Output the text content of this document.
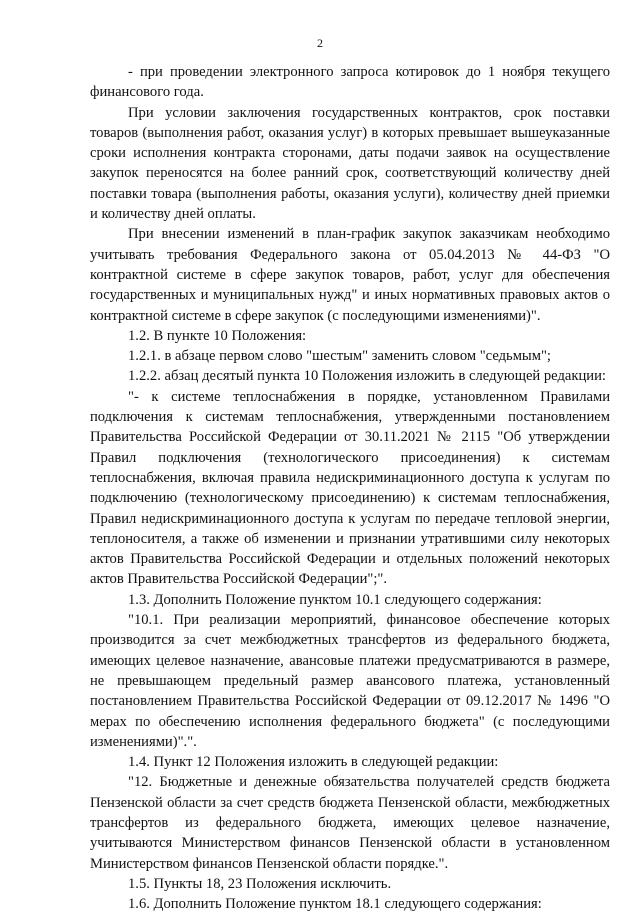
2

- при проведении электронного запроса котировок до 1 ноября текущего финансового года.

При условии заключения государственных контрактов, срок поставки товаров (выполнения работ, оказания услуг) в которых превышает вышеуказанные сроки исполнения контракта сторонами, даты подачи заявок на осуществление закупок переносятся на более ранний срок, соответствующий количеству дней поставки товара (выполнения работы, оказания услуги), количеству дней приемки и количеству дней оплаты.

При внесении изменений в план-график закупок заказчикам необходимо учитывать требования Федерального закона от 05.04.2013 № 44-ФЗ "О контрактной системе в сфере закупок товаров, работ, услуг для обеспечения государственных и муниципальных нужд" и иных нормативных правовых актов о контрактной системе в сфере закупок (с последующими изменениями)".

1.2. В пункте 10 Положения:

1.2.1. в абзаце первом слово "шестым" заменить словом "седьмым";

1.2.2. абзац десятый пункта 10 Положения изложить в следующей редакции:

"- к системе теплоснабжения в порядке, установленном Правилами подключения к системам теплоснабжения, утвержденными постановлением Правительства Российской Федерации от 30.11.2021 № 2115 "Об утверждении Правил подключения (технологического присоединения) к системам теплоснабжения, включая правила недискриминационного доступа к услугам по подключению (технологическому присоединению) к системам теплоснабжения, Правил недискриминационного доступа к услугам по передаче тепловой энергии, теплоносителя, а также об изменении и признании утратившими силу некоторых актов Правительства Российской Федерации и отдельных положений некоторых актов Правительства Российской Федерации";".

1.3. Дополнить Положение пунктом 10.1 следующего содержания:

"10.1. При реализации мероприятий, финансовое обеспечение которых производится за счет межбюджетных трансфертов из федерального бюджета, имеющих целевое назначение, авансовые платежи предусматриваются в размере, не превышающем предельный размер авансового платежа, установленный постановлением Правительства Российской Федерации от 09.12.2017 № 1496 "О мерах по обеспечению исполнения федерального бюджета" (с последующими изменениями)".".

1.4. Пункт 12 Положения изложить в следующей редакции:

"12. Бюджетные и денежные обязательства получателей средств бюджета Пензенской области за счет средств бюджета Пензенской области, межбюджетных трансфертов из федерального бюджета, имеющих целевое назначение, учитываются Министерством финансов Пензенской области в установленном Министерством финансов Пензенской области порядке.".

1.5. Пункты 18, 23 Положения исключить.

1.6. Дополнить Положение пунктом 18.1 следующего содержания:
